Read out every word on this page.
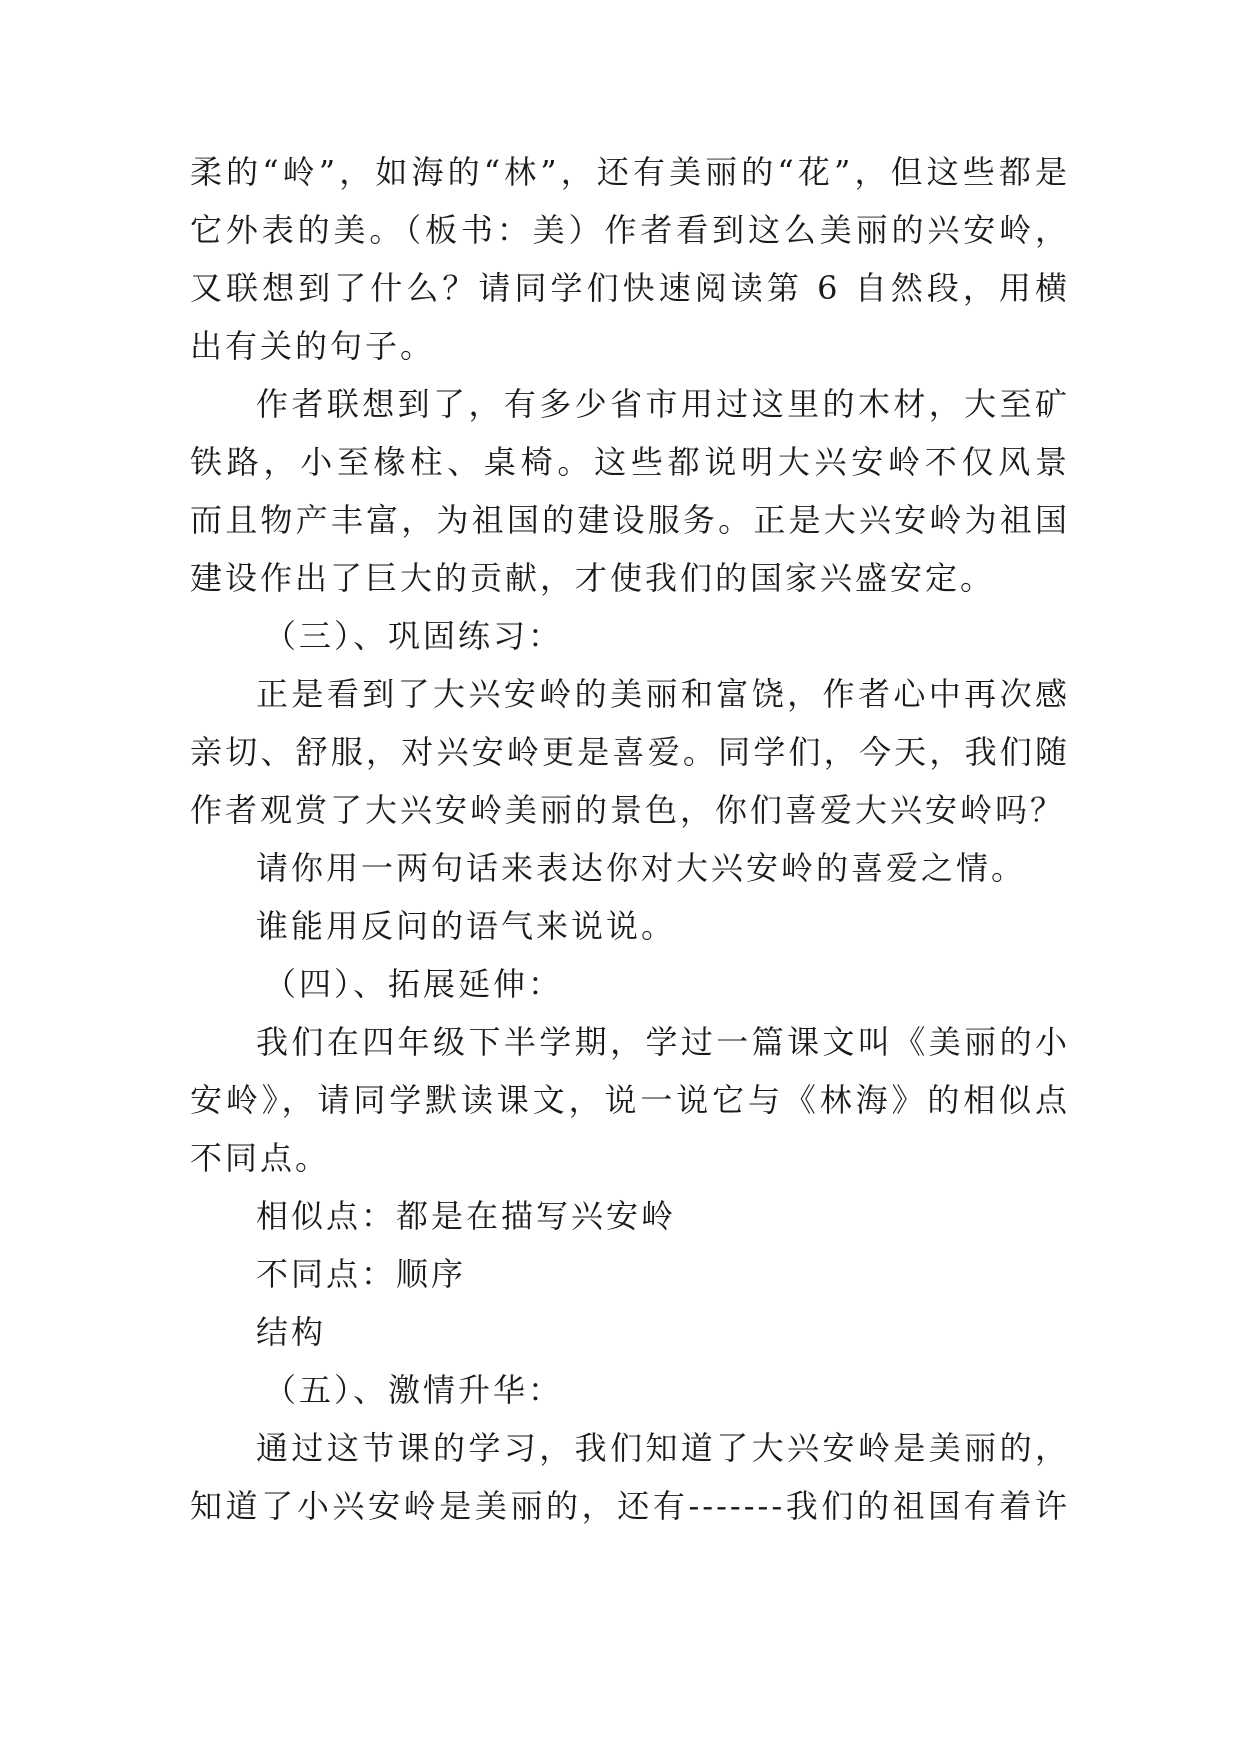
柔的“岭”，如海的“林”，还有美丽的“花”，但这些都是
它外表的美。（板书：美）作者看到这么美丽的兴安岭，
又联想到了什么？请同学们快速阅读第 6 自然段，用横
出有关的句子。
作者联想到了，有多少省市用过这里的木材，大至矿
铁路，小至椽柱、桌椅。这些都说明大兴安岭不仅风景
而且物产丰富，为祖国的建设服务。正是大兴安岭为祖国
建设作出了巨大的贡献，才使我们的国家兴盛安定。
（三）、巩固练习：
正是看到了大兴安岭的美丽和富饶，作者心中再次感
亲切、舒服，对兴安岭更是喜爱。同学们，今天，我们随
作者观赏了大兴安岭美丽的景色，你们喜爱大兴安岭吗？
请你用一两句话来表达你对大兴安岭的喜爱之情。
谁能用反问的语气来说说。
（四）、拓展延伸：
我们在四年级下半学期，学过一篇课文叫《美丽的小
安岭》，请同学默读课文，说一说它与《林海》的相似点
不同点。
相似点：都是在描写兴安岭
不同点：顺序
结构
（五）、激情升华：
通过这节课的学习，我们知道了大兴安岭是美丽的，
知道了小兴安岭是美丽的，还有-------我们的祖国有着许
